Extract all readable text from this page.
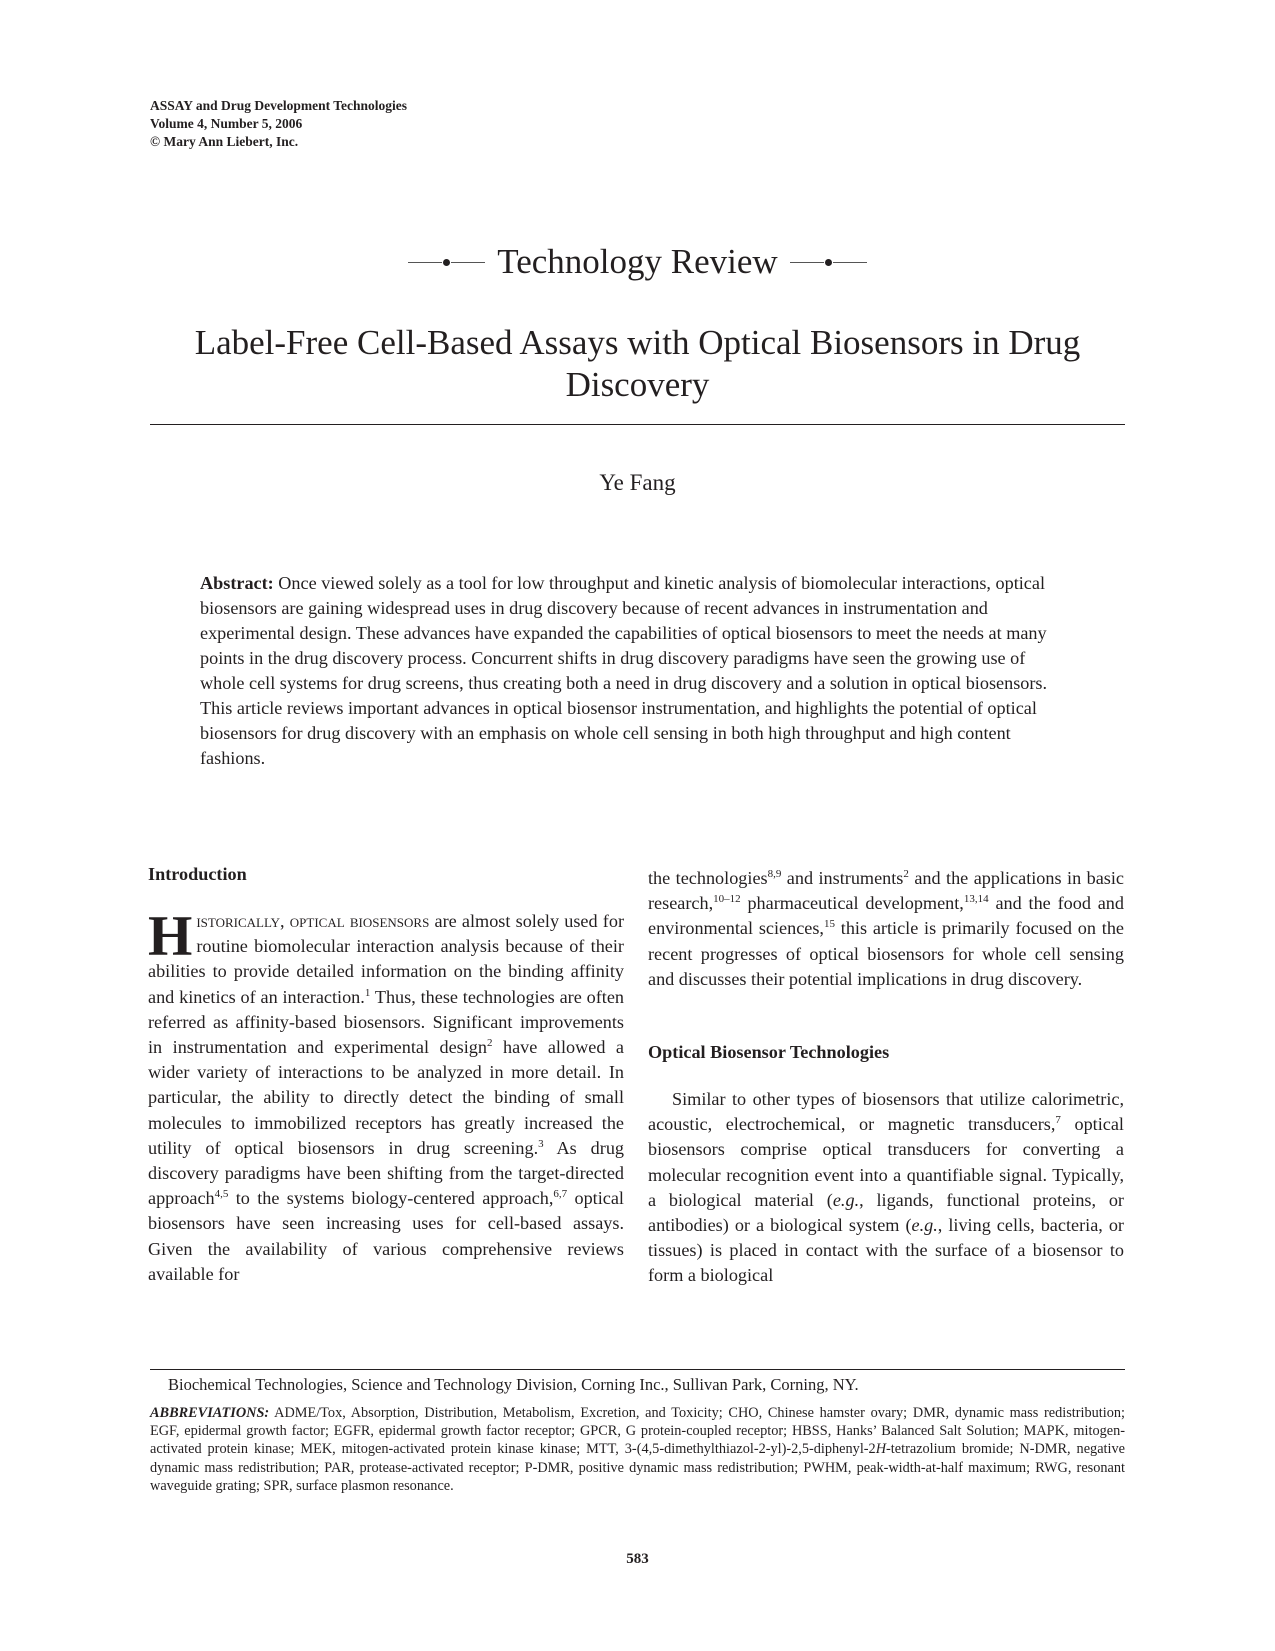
ASSAY and Drug Development Technologies
Volume 4, Number 5, 2006
© Mary Ann Liebert, Inc.
Technology Review
Label-Free Cell-Based Assays with Optical Biosensors in Drug Discovery
Ye Fang
Abstract: Once viewed solely as a tool for low throughput and kinetic analysis of biomolecular interactions, optical biosensors are gaining widespread uses in drug discovery because of recent advances in instrumentation and experimental design. These advances have expanded the capabilities of optical biosensors to meet the needs at many points in the drug discovery process. Concurrent shifts in drug discovery paradigms have seen the growing use of whole cell systems for drug screens, thus creating both a need in drug discovery and a solution in optical biosensors. This article reviews important advances in optical biosensor instrumentation, and highlights the potential of optical biosensors for drug discovery with an emphasis on whole cell sensing in both high throughput and high content fashions.

Introduction

Historically, optical biosensors are almost solely used for routine biomolecular interaction analysis because of their abilities to provide detailed information on the binding affinity and kinetics of an interaction.$^1$ Thus, these technologies are often referred as affinity-based biosensors. Significant improvements in instrumentation and experimental design$^2$ have allowed a wider variety of interactions to be analyzed in more detail. In particular, the ability to directly detect the binding of small molecules to immobilized receptors has greatly increased the utility of optical biosensors in drug screening.$^3$ As drug discovery paradigms have been shifting from the target-directed approach$^{4,5}$ to the systems biology-centered approach,$^{6,7}$ optical biosensors have seen increasing uses for cell-based assays. Given the availability of various comprehensive reviews available for

the technologies$^{8,9}$ and instruments$^2$ and the applications in basic research,$^{10-12}$ pharmaceutical development,$^{13,14}$ and the food and environmental sciences,$^{15}$ this article is primarily focused on the recent progresses of optical biosensors for whole cell sensing and discusses their potential implications in drug discovery.

Optical Biosensor Technologies

Similar to other types of biosensors that utilize calorimetric, acoustic, electrochemical, or magnetic transducers,$^7$ optical biosensors comprise optical transducers for converting a molecular recognition event into a quantifiable signal. Typically, a biological material (e.g., ligands, functional proteins, or antibodies) or a biological system (e.g., living cells, bacteria, or tissues) is placed in contact with the surface of a biosensor to form a biological

Biochemical Technologies, Science and Technology Division, Corning Inc., Sullivan Park, Corning, NY.
ABBREVIATIONS: ADME/Tox, Absorption, Distribution, Metabolism, Excretion, and Toxicity; CHO, Chinese hamster ovary; DMR, dynamic mass redistribution; EGF, epidermal growth factor; EGFR, epidermal growth factor receptor; GPCR, G protein-coupled receptor; HBSS, Hanks’ Balanced Salt Solution; MAPK, mitogen-activated protein kinase; MEK, mitogen-activated protein kinase kinase; MTT, 3-(4,5-dimethylthiazol-2-yl)-2,5-diphenyl-2H-tetrazolium bromide; N-DMR, negative dynamic mass redistribution; PAR, protease-activated receptor; P-DMR, positive dynamic mass redistribution; PWHM, peak-width-at-half maximum; RWG, resonant waveguide grating; SPR, surface plasmon resonance.
583
